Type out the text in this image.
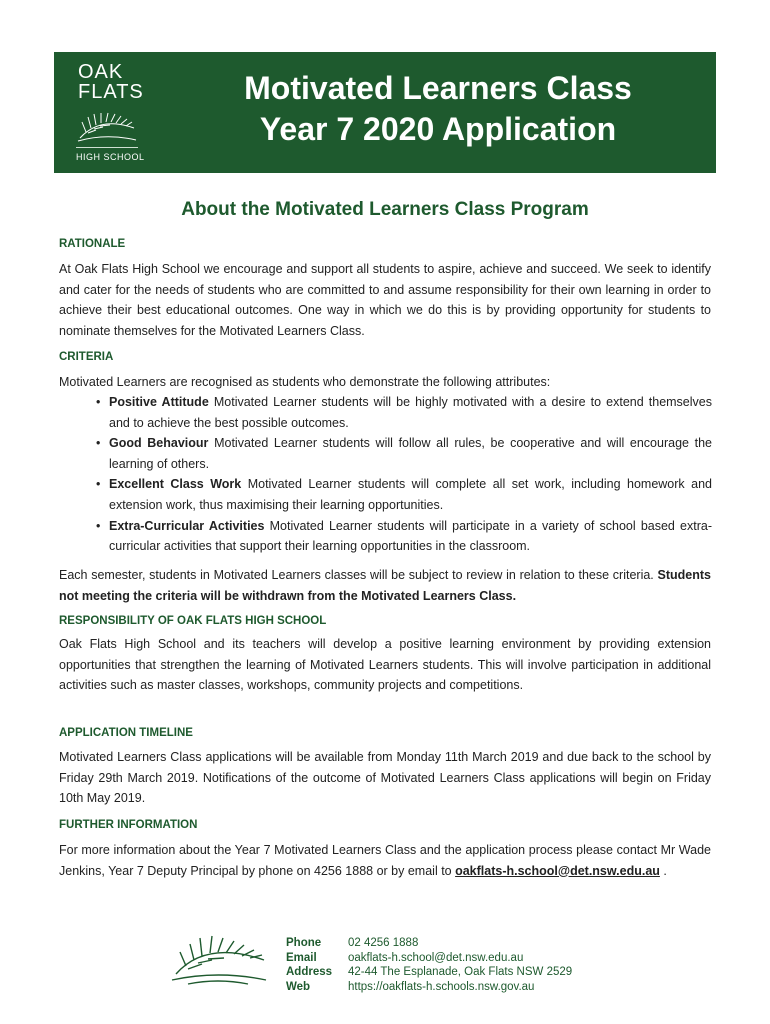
OAK
FLATS
HIGH SCHOOL
Motivated Learners Class
Year 7 2020 Application
About the Motivated Learners Class Program
RATIONALE
At Oak Flats High School we encourage and support all students to aspire, achieve and succeed. We seek to identify and cater for the needs of students who are committed to and assume responsibility for their own learning in order to achieve their best educational outcomes. One way in which we do this is by providing opportunity for students to nominate themselves for the Motivated Learners Class.
CRITERIA
Motivated Learners are recognised as students who demonstrate the following attributes:
• Positive Attitude Motivated Learner students will be highly motivated with a desire to extend themselves and to achieve the best possible outcomes.
• Good Behaviour Motivated Learner students will follow all rules, be cooperative and will encourage the learning of others.
• Excellent Class Work Motivated Learner students will complete all set work, including homework and extension work, thus maximising their learning opportunities.
• Extra-Curricular Activities Motivated Learner students will participate in a variety of school based extra- curricular activities that support their learning opportunities in the classroom.
Each semester, students in Motivated Learners classes will be subject to review in relation to these criteria. Students not meeting the criteria will be withdrawn from the Motivated Learners Class.
RESPONSIBILITY OF OAK FLATS HIGH SCHOOL
Oak Flats High School and its teachers will develop a positive learning environment by providing extension opportunities that strengthen the learning of Motivated Learners students. This will involve participation in additional activities such as master classes, workshops, community projects and competitions.
APPLICATION TIMELINE
Motivated Learners Class applications will be available from Monday 11th March 2019 and due back to the school by Friday 29th March 2019. Notifications of the outcome of Motivated Learners Class applications will begin on Friday 10th May 2019.
FURTHER INFORMATION
For more information about the Year 7 Motivated Learners Class and the application process please contact Mr Wade Jenkins, Year 7 Deputy Principal by phone on 4256 1888 or by email to oakflats-h.school@det.nsw.edu.au .
Phone	02 4256 1888
Email	oakflats-h.school@det.nsw.edu.au
Address	42-44 The Esplanade, Oak Flats NSW 2529
Web	https://oakflats-h.schools.nsw.gov.au
